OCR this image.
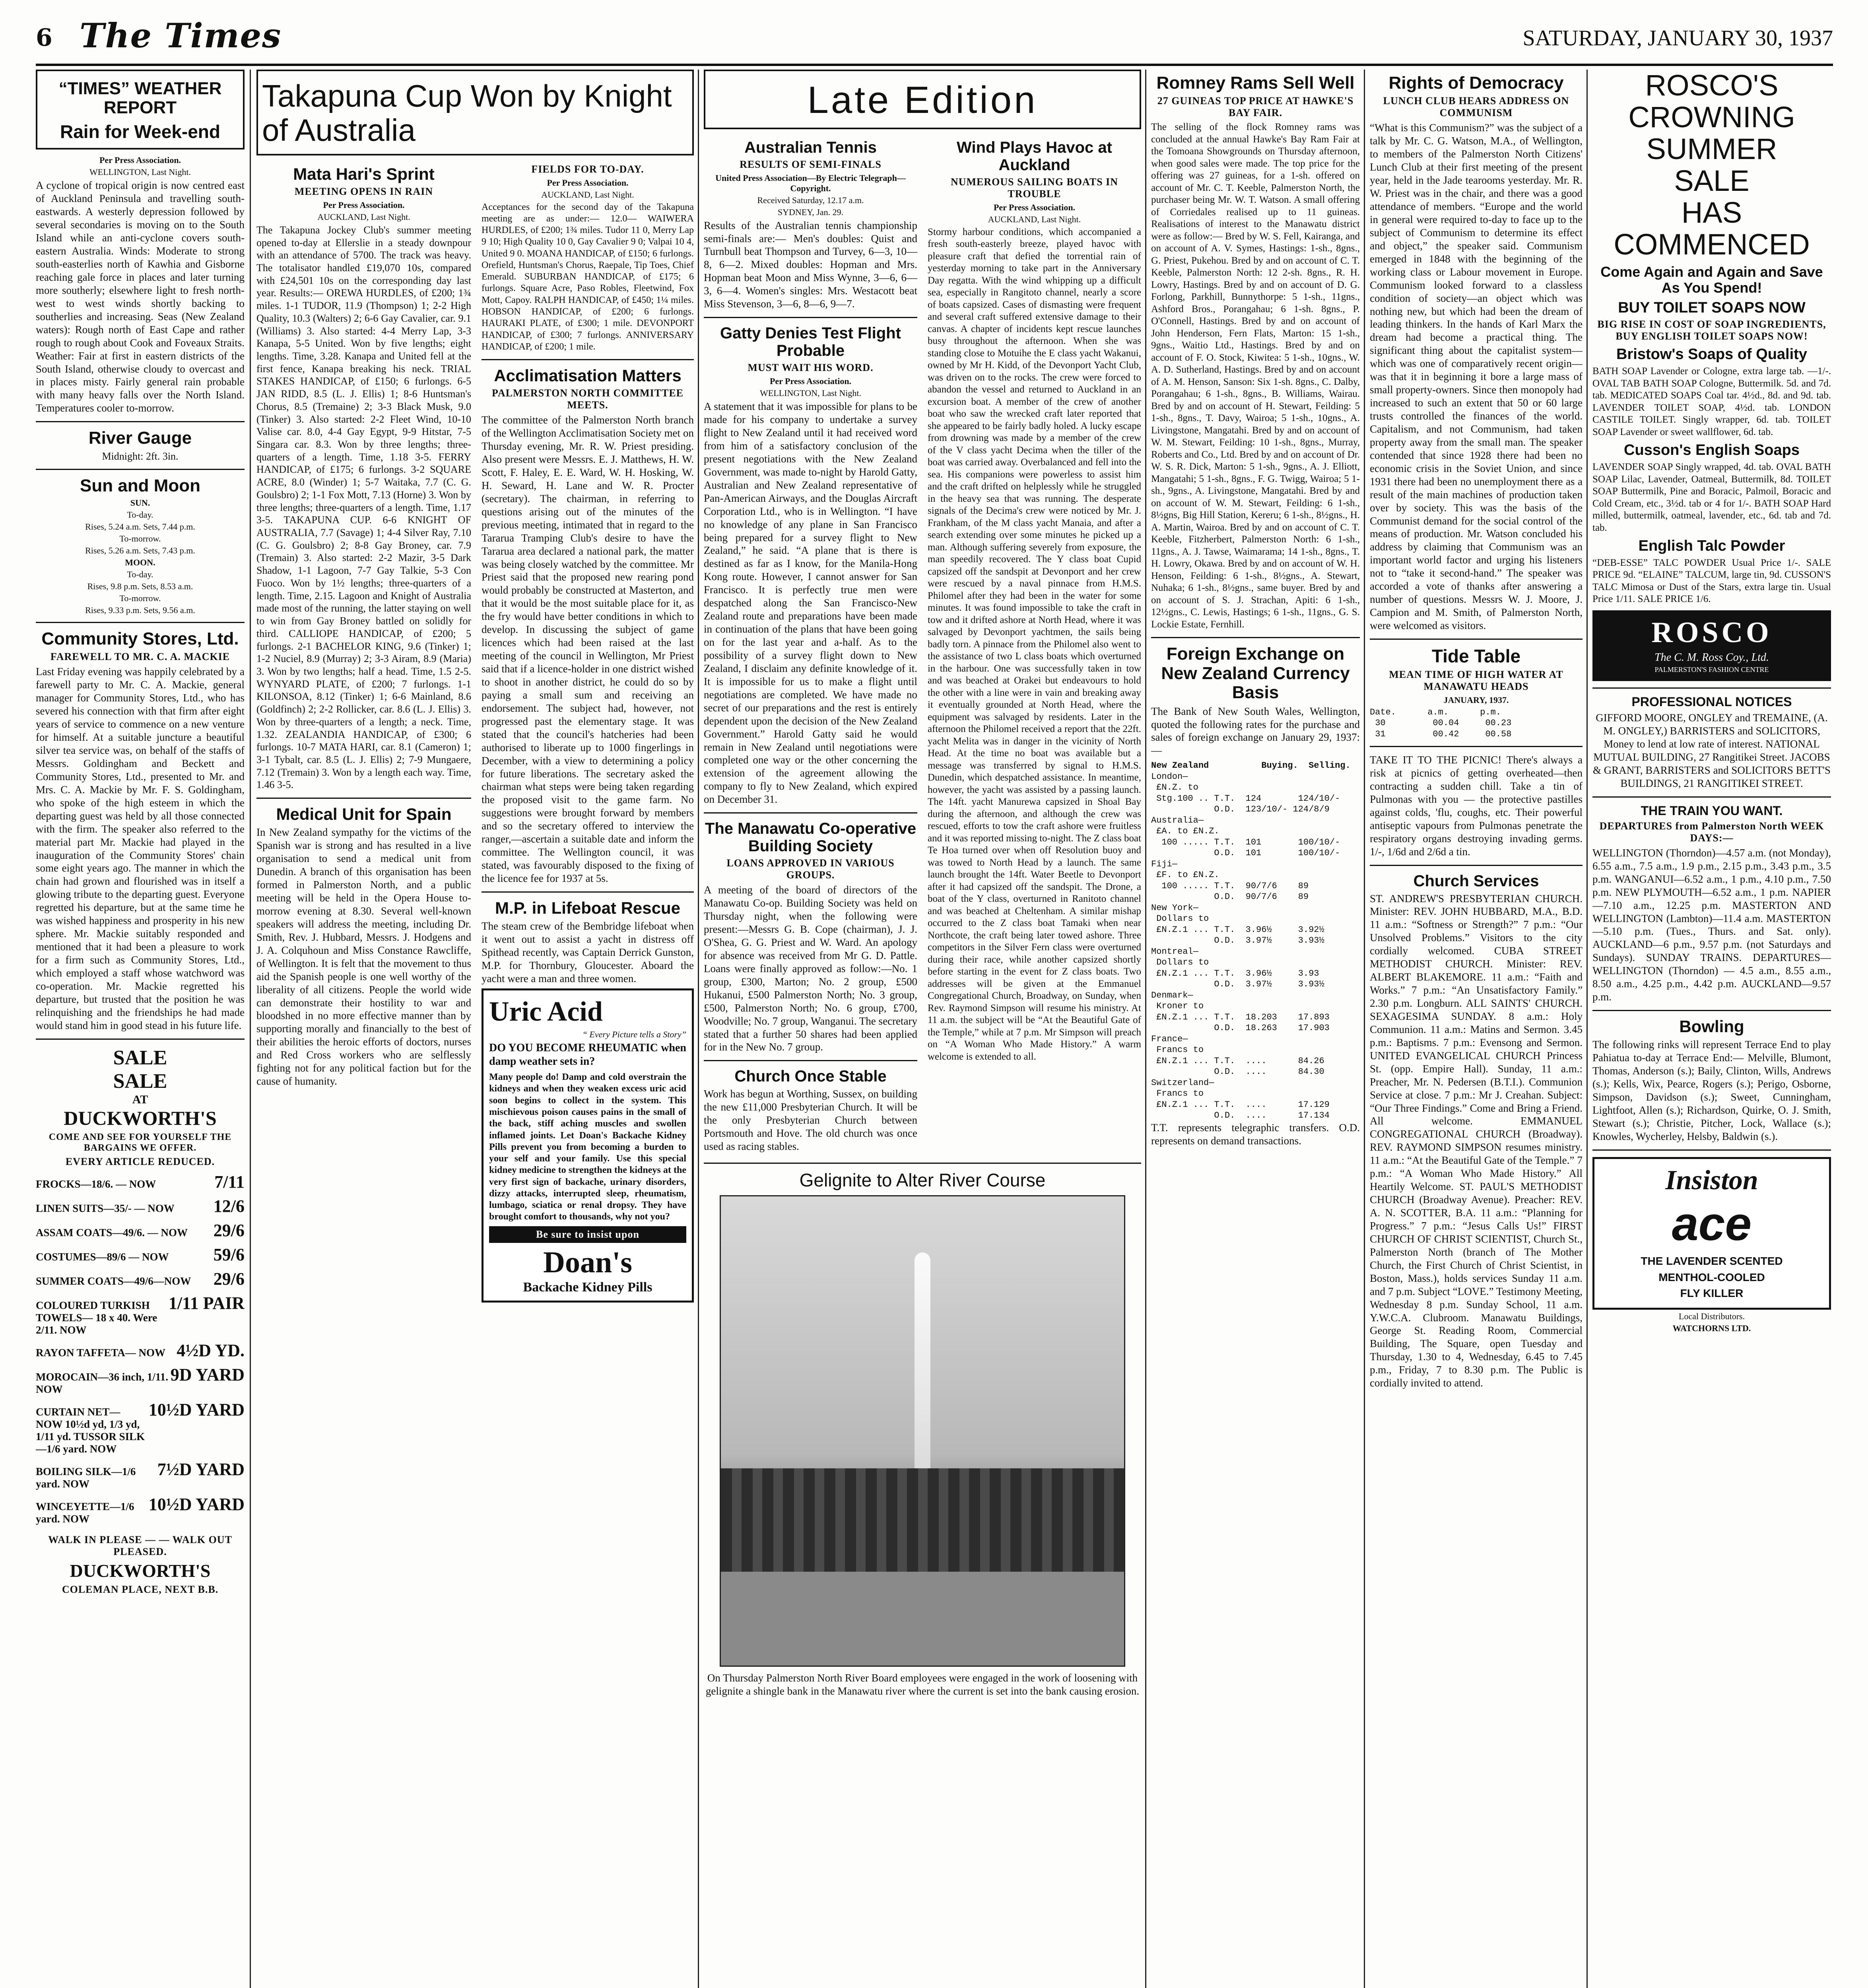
6 The Times	SATURDAY, JANUARY 30, 1937
“TIMES” WEATHER REPORT
Rain for Week-end
Per Press Association.
WELLINGTON, Last Night.

A cyclone of tropical origin is now centred east of Auckland Peninsula and travelling south-eastwards. A westerly depression followed by several secondaries is moving on to the South Island while an anti-cyclone covers south-eastern Australia. Winds: Moderate to strong south-easterlies north of Kawhia and Gisborne reaching gale force in places and later turning more southerly; elsewhere light to fresh north-west to west winds shortly backing to southerlies and increasing. Seas (New Zealand waters): Rough north of East Cape and rather rough to rough about Cook and Foveaux Straits. Weather: Fair at first in eastern districts of the South Island, otherwise cloudy to overcast and in places misty. Fairly general rain probable with many heavy falls over the North Island. Temperatures cooler to-morrow.

River Gauge
Midnight: 2ft. 3in.
Sun and Moon
SUN.
To-day.
Rises, 5.24 a.m. Sets, 7.44 p.m.
To-morrow.
Rises, 5.26 a.m. Sets, 7.43 p.m.
MOON.
To-day.
Rises, 9.8 p.m. Sets, 8.53 a.m.
To-morrow.
Rises, 9.33 p.m. Sets, 9.56 a.m.
Community Stores, Ltd.
FAREWELL TO MR. C. A. MACKIE

Last Friday evening was happily celebrated by a farewell party to Mr. C. A. Mackie, general manager for Community Stores, Ltd., who has severed his connection with that firm after eight years of service to commence on a new venture for himself. At a suitable juncture a beautiful silver tea service was, on behalf of the staffs of Messrs. Goldingham and Beckett and Community Stores, Ltd., presented to Mr. and Mrs. C. A. Mackie by Mr. F. S. Goldingham, who spoke of the high esteem in which the departing guest was held by all those connected with the firm. The speaker also referred to the material part Mr. Mackie had played in the inauguration of the Community Stores' chain some eight years ago. The manner in which the chain had grown and flourished was in itself a glowing tribute to the departing guest. Everyone regretted his departure, but at the same time he was wished happiness and prosperity in his new sphere. Mr. Mackie suitably responded and mentioned that it had been a pleasure to work for a firm such as Community Stores, Ltd., which employed a staff whose watchword was co-operation. Mr. Mackie regretted his departure, but trusted that the position he was relinquishing and the friendships he had made would stand him in good stead in his future life.

SALE
SALE
AT
DUCKWORTH'S
COME AND SEE FOR YOURSELF THE BARGAINS WE OFFER.
EVERY ARTICLE REDUCED.
FROCKS—18/6. — NOW	7/11
LINEN SUITS—35/- — NOW	12/6
ASSAM COATS—49/6. — NOW	29/6
COSTUMES—89/6 — NOW	59/6
SUMMER COATS—49/6—NOW	29/6
COLOURED TURKISH TOWELS— 18 x 40. Were 2/11. NOW
1/11 PAIR
RAYON TAFFETA— NOW 4½D YD.
MOROCAIN—36 inch, 1/11. NOW
9D YARD
CURTAIN NET— NOW 10½d yd, 1/3 yd, 1/11 yd. TUSSOR SILK—1/6 yard. NOW
10½D YARD
BOILING SILK—1/6 yard. NOW
7½D YARD
WINCEYETTE—1/6 yard. NOW
10½D YARD
WALK IN PLEASE — — WALK OUT PLEASED.
DUCKWORTH'S
COLEMAN PLACE, NEXT B.B.
Takapuna Cup Won by Knight of Australia
Mata Hari's Sprint
MEETING OPENS IN RAIN
Per Press Association.
AUCKLAND, Last Night.

The Takapuna Jockey Club's summer meeting opened to-day at Ellerslie in a steady downpour with an attendance of 5700. The track was heavy. The totalisator handled £19,070 10s, compared with £24,501 10s on the corresponding day last year. Results:— OREWA HURDLES, of £200; 1¾ miles. 1-1 TUDOR, 11.9 (Thompson) 1; 2-2 High Quality, 10.3 (Walters) 2; 6-6 Gay Cavalier, car. 9.1 (Williams) 3. Also started: 4-4 Merry Lap, 3-3 Kanapa, 5-5 United. Won by five lengths; eight lengths. Time, 3.28. Kanapa and United fell at the first fence, Kanapa breaking his neck. TRIAL STAKES HANDICAP, of £150; 6 furlongs. 6-5 JAN RIDD, 8.5 (L. J. Ellis) 1; 8-6 Huntsman's Chorus, 8.5 (Tremaine) 2; 3-3 Black Musk, 9.0 (Tinker) 3. Also started: 2-2 Fleet Wind, 10-10 Valise car. 8.0, 4-4 Gay Egypt, 9-9 Hitstar, 7-5 Singara car. 8.3. Won by three lengths; three-quarters of a length. Time, 1.18 3-5. FERRY HANDICAP, of £175; 6 furlongs. 3-2 SQUARE ACRE, 8.0 (Winder) 1; 5-7 Waitaka, 7.7 (C. G. Goulsbro) 2; 1-1 Fox Mott, 7.13 (Horne) 3. Won by three lengths; three-quarters of a length. Time, 1.17 3-5. TAKAPUNA CUP. 6-6 KNIGHT OF AUSTRALIA, 7.7 (Savage) 1; 4-4 Silver Ray, 7.10 (C. G. Goulsbro) 2; 8-8 Gay Broney, car. 7.9 (Tremain) 3. Also started: 2-2 Mazir, 3-5 Dark Shadow, 1-1 Lagoon, 7-7 Gay Talkie, 5-3 Con Fuoco. Won by 1½ lengths; three-quarters of a length. Time, 2.15. Lagoon and Knight of Australia made most of the running, the latter staying on well to win from Gay Broney battled on solidly for third. CALLIOPE HANDICAP, of £200; 5 furlongs. 2-1 BACHELOR KING, 9.6 (Tinker) 1; 1-2 Nuciel, 8.9 (Murray) 2; 3-3 Airam, 8.9 (Maria) 3. Won by two lengths; half a head. Time, 1.5 2-5. WYNYARD PLATE, of £200; 7 furlongs. 1-1 KILONSOA, 8.12 (Tinker) 1; 6-6 Mainland, 8.6 (Goldfinch) 2; 2-2 Rollicker, car. 8.6 (L. J. Ellis) 3. Won by three-quarters of a length; a neck. Time, 1.32. ZEALANDIA HANDICAP, of £300; 6 furlongs. 10-7 MATA HARI, car. 8.1 (Cameron) 1; 3-1 Tybalt, car. 8.5 (L. J. Ellis) 2; 7-9 Mungaere, 7.12 (Tremain) 3. Won by a length each way. Time, 1.46 3-5.

Medical Unit for Spain

In New Zealand sympathy for the victims of the Spanish war is strong and has resulted in a live organisation to send a medical unit from Dunedin. A branch of this organisation has been formed in Palmerston North, and a public meeting will be held in the Opera House to-morrow evening at 8.30. Several well-known speakers will address the meeting, including Dr. Smith, Rev. J. Hubbard, Messrs. J. Hodgens and J. A. Colquhoun and Miss Constance Rawcliffe, of Wellington. It is felt that the movement to thus aid the Spanish people is one well worthy of the liberality of all citizens. People the world wide can demonstrate their hostility to war and bloodshed in no more effective manner than by supporting morally and financially to the best of their abilities the heroic efforts of doctors, nurses and Red Cross workers who are selflessly fighting not for any political faction but for the cause of humanity.

FIELDS FOR TO-DAY.
Per Press Association.
AUCKLAND, Last Night.

Acceptances for the second day of the Takapuna meeting are as under:— 12.0— WAIWERA HURDLES, of £200; 1¾ miles. Tudor 11 0, Merry Lap 9 10; High Quality 10 0, Gay Cavalier 9 0; Valpai 10 4, United 9 0. MOANA HANDICAP, of £150; 6 furlongs. Orefield, Huntsman's Chorus, Raepale, Tip Toes, Chief Emerald. SUBURBAN HANDICAP, of £175; 6 furlongs. Square Acre, Paso Robles, Fleetwind, Fox Mott, Capoy. RALPH HANDICAP, of £450; 1¼ miles. HOBSON HANDICAP, of £200; 6 furlongs. HAURAKI PLATE, of £300; 1 mile. DEVONPORT HANDICAP, of £300; 7 furlongs. ANNIVERSARY HANDICAP, of £200; 1 mile.

Acclimatisation Matters
PALMERSTON NORTH COMMITTEE MEETS.

The committee of the Palmerston North branch of the Wellington Acclimatisation Society met on Thursday evening, Mr. R. W. Priest presiding. Also present were Messrs. E. J. Matthews, H. W. Scott, F. Haley, E. E. Ward, W. H. Hosking, W. H. Seward, H. Lane and W. R. Procter (secretary). The chairman, in referring to questions arising out of the minutes of the previous meeting, intimated that in regard to the Tararua Tramping Club's desire to have the Tararua area declared a national park, the matter was being closely watched by the committee. Mr Priest said that the proposed new rearing pond would probably be constructed at Masterton, and that it would be the most suitable place for it, as the fry would have better conditions in which to develop. In discussing the subject of game licences which had been raised at the last meeting of the council in Wellington, Mr Priest said that if a licence-holder in one district wished to shoot in another district, he could do so by paying a small sum and receiving an endorsement. The subject had, however, not progressed past the elementary stage. It was stated that the council's hatcheries had been authorised to liberate up to 1000 fingerlings in December, with a view to determining a policy for future liberations. The secretary asked the chairman what steps were being taken regarding the proposed visit to the game farm. No suggestions were brought forward by members and so the secretary offered to interview the ranger,—ascertain a suitable date and inform the committee. The Wellington council, it was stated, was favourably disposed to the fixing of the licence fee for 1937 at 5s.

M.P. in Lifeboat Rescue

The steam crew of the Bembridge lifeboat when it went out to assist a yacht in distress off Spithead recently, was Captain Derrick Gunston, M.P. for Thornbury, Gloucester. Aboard the yacht were a man and three women.

Uric Acid
“ Every Picture tells a Story”
DO YOU BECOME RHEUMATIC when damp weather sets in?

Many people do! Damp and cold overstrain the kidneys and when they weaken excess uric acid soon begins to collect in the system. This mischievous poison causes pains in the small of the back, stiff aching muscles and swollen inflamed joints. Let Doan's Backache Kidney Pills prevent you from becoming a burden to your self and your family. Use this special kidney medicine to strengthen the kidneys at the very first sign of backache, urinary disorders, dizzy attacks, interrupted sleep, rheumatism, lumbago, sciatica or renal dropsy. They have brought comfort to thousands, why not you?

Be sure to insist upon
Doan's
Backache Kidney Pills
Late Edition
Australian Tennis
RESULTS OF SEMI-FINALS
United Press Association—By Electric Telegraph—Copyright.
Received Saturday, 12.17 a.m.
SYDNEY, Jan. 29.

Results of the Australian tennis championship semi-finals are:— Men's doubles: Quist and Turnbull beat Thompson and Turvey, 6—3, 10—8, 6—2. Mixed doubles: Hopman and Mrs. Hopman beat Moon and Miss Wynne, 3—6, 6—3, 6—4. Women's singles: Mrs. Westacott beat Miss Stevenson, 3—6, 8—6, 9—7.

Gatty Denies Test Flight Probable
MUST WAIT HIS WORD.
Per Press Association.
WELLINGTON, Last Night.

A statement that it was impossible for plans to be made for his company to undertake a survey flight to New Zealand until it had received word from him of a satisfactory conclusion of the present negotiations with the New Zealand Government, was made to-night by Harold Gatty, Australian and New Zealand representative of Pan-American Airways, and the Douglas Aircraft Corporation Ltd., who is in Wellington. “I have no knowledge of any plane in San Francisco being prepared for a survey flight to New Zealand,” he said. “A plane that is there is destined as far as I know, for the Manila-Hong Kong route. However, I cannot answer for San Francisco. It is perfectly true men were despatched along the San Francisco-New Zealand route and preparations have been made in continuation of the plans that have been going on for the last year and a-half. As to the possibility of a survey flight down to New Zealand, I disclaim any definite knowledge of it. It is impossible for us to make a flight until negotiations are completed. We have made no secret of our preparations and the rest is entirely dependent upon the decision of the New Zealand Government.” Harold Gatty said he would remain in New Zealand until negotiations were completed one way or the other concerning the extension of the agreement allowing the company to fly to New Zealand, which expired on December 31.

The Manawatu Co-operative Building Society
LOANS APPROVED IN VARIOUS GROUPS.

A meeting of the board of directors of the Manawatu Co-op. Building Society was held on Thursday night, when the following were present:—Messrs G. B. Cope (chairman), J. J. O'Shea, G. G. Priest and W. Ward. An apology for absence was received from Mr G. D. Pattle. Loans were finally approved as follow:—No. 1 group, £300, Marton; No. 2 group, £500 Hukanui, £500 Palmerston North; No. 3 group, £500, Palmerston North; No. 6 group, £700, Woodville; No. 7 group, Wanganui. The secretary stated that a further 50 shares had been applied for in the New No. 7 group.

Church Once Stable

Work has begun at Worthing, Sussex, on building the new £11,000 Presbyterian Church. It will be the only Presbyterian Church between Portsmouth and Hove. The old church was once used as racing stables.

Wind Plays Havoc at Auckland
NUMEROUS SAILING BOATS IN TROUBLE
Per Press Association.
AUCKLAND, Last Night.

Stormy harbour conditions, which accompanied a fresh south-easterly breeze, played havoc with pleasure craft that defied the torrential rain of yesterday morning to take part in the Anniversary Day regatta. With the wind whipping up a difficult sea, especially in Rangitoto channel, nearly a score of boats capsized. Cases of dismasting were frequent and several craft suffered extensive damage to their canvas. A chapter of incidents kept rescue launches busy throughout the afternoon. When she was standing close to Motuihe the E class yacht Wakanui, owned by Mr H. Kidd, of the Devonport Yacht Club, was driven on to the rocks. The crew were forced to abandon the vessel and returned to Auckland in an excursion boat. A member of the crew of another boat who saw the wrecked craft later reported that she appeared to be fairly badly holed. A lucky escape from drowning was made by a member of the crew of the V class yacht Decima when the tiller of the boat was carried away. Overbalanced and fell into the sea. His companions were powerless to assist him and the craft drifted on helplessly while he struggled in the heavy sea that was running. The desperate signals of the Decima's crew were noticed by Mr. J. Frankham, of the M class yacht Manaia, and after a search extending over some minutes he picked up a man. Although suffering severely from exposure, the man speedily recovered. The Y class boat Cupid capsized off the sandspit at Devonport and her crew were rescued by a naval pinnace from H.M.S. Philomel after they had been in the water for some minutes. It was found impossible to take the craft in tow and it drifted ashore at North Head, where it was salvaged by Devonport yachtmen, the sails being badly torn. A pinnace from the Philomel also went to the assistance of two L class boats which overturned in the harbour. One was successfully taken in tow and was beached at Orakei but endeavours to hold the other with a line were in vain and breaking away it eventually grounded at North Head, where the equipment was salvaged by residents. Later in the afternoon the Philomel received a report that the 22ft. yacht Melita was in danger in the vicinity of North Head. At the time no boat was available but a message was transferred by signal to H.M.S. Dunedin, which despatched assistance. In meantime, however, the yacht was assisted by a passing launch. The 14ft. yacht Manurewa capsized in Shoal Bay during the afternoon, and although the crew was rescued, efforts to tow the craft ashore were fruitless and it was reported missing to-night. The Z class boat Te Hoa turned over when off Resolution buoy and was towed to North Head by a launch. The same launch brought the 14ft. Water Beetle to Devonport after it had capsized off the sandspit. The Drone, a boat of the Y class, overturned in Ranitoto channel and was beached at Cheltenham. A similar mishap occurred to the Z class boat Tamaki when near Northcote, the craft being later towed ashore. Three competitors in the Silver Fern class were overturned during their race, while another capsized shortly before starting in the event for Z class boats. Two addresses will be given at the Emmanuel Congregational Church, Broadway, on Sunday, when Rev. Raymond Simpson will resume his ministry. At 11 a.m. the subject will be “At the Beautiful Gate of the Temple,” while at 7 p.m. Mr Simpson will preach on “A Woman Who Made History.” A warm welcome is extended to all.

Gelignite to Alter River Course

On Thursday Palmerston North River Board employees were engaged in the work of loosening with gelignite a shingle bank in the Manawatu river where the current is set into the bank causing erosion.

Romney Rams Sell Well
27 GUINEAS TOP PRICE AT HAWKE'S BAY FAIR.

The selling of the flock Romney rams was concluded at the annual Hawke's Bay Ram Fair at the Tomoana Showgrounds on Thursday afternoon, when good sales were made. The top price for the offering was 27 guineas, for a 1-sh. offered on account of Mr. C. T. Keeble, Palmerston North, the purchaser being Mr. W. T. Watson. A small offering of Corriedales realised up to 11 guineas. Realisations of interest to the Manawatu district were as follow:— Bred by W. S. Fell, Kairanga, and on account of A. V. Symes, Hastings: 1-sh., 8gns., G. Priest, Pukehou. Bred by and on account of C. T. Keeble, Palmerston North: 12 2-sh. 8gns., R. H. Lowry, Hastings. Bred by and on account of D. G. Forlong, Parkhill, Bunnythorpe: 5 1-sh., 11gns., Ashford Bros., Porangahau; 6 1-sh. 8gns., P. O'Connell, Hastings. Bred by and on account of John Henderson, Fern Flats, Marton: 15 1-sh., 9gns., Waitio Ltd., Hastings. Bred by and on account of F. O. Stock, Kiwitea: 5 1-sh., 10gns., W. A. D. Sutherland, Hastings. Bred by and on account of A. M. Henson, Sanson: Six 1-sh. 8gns., C. Dalby, Porangahau; 6 1-sh., 8gns., B. Williams, Wairau. Bred by and on account of H. Stewart, Feilding: 5 1-sh., 8gns., T. Davy, Wairoa; 5 1-sh., 10gns., A. Livingstone, Mangatahi. Bred by and on account of W. M. Stewart, Feilding: 10 1-sh., 8gns., Murray, Roberts and Co., Ltd. Bred by and on account of Dr. W. S. R. Dick, Marton: 5 1-sh., 9gns., A. J. Elliott, Mangatahi; 5 1-sh., 8gns., F. G. Twigg, Wairoa; 5 1-sh., 9gns., A. Livingstone, Mangatahi. Bred by and on account of W. M. Stewart, Feilding: 6 1-sh., 8½gns, Big Hill Station, Kereru; 6 1-sh., 8½gns., H. A. Martin, Wairoa. Bred by and on account of C. T. Keeble, Fitzherbert, Palmerston North: 6 1-sh., 11gns., A. J. Tawse, Waimarama; 14 1-sh., 8gns., T. H. Lowry, Okawa. Bred by and on account of W. H. Henson, Feilding: 6 1-sh., 8½gns., A. Stewart, Nuhaka; 6 1-sh., 8½gns., same buyer. Bred by and on account of S. J. Strachan, Apiti: 6 1-sh., 12½gns., C. Lewis, Hastings; 6 1-sh., 11gns., G. S. Lockie Estate, Fernhill.

Foreign Exchange on New Zealand Currency Basis

The Bank of New South Wales, Wellington, quoted the following rates for the purchase and sales of foreign exchange on January 29, 1937:—

New Zealand          Buying.  Selling.
London—
£N.Z. to
Stg.100 .. T.T.  124       124/10/-
O.D.  123/10/- 124/8/9
Australia—
£A. to £N.Z.
100 ..... T.T.  101       100/10/-
O.D.  101       100/10/-
Fiji—
£F. to £N.Z.
100 ..... T.T.  90/7/6    89
O.D.  90/7/6    89
New York—
Dollars to
£N.Z.1 ... T.T.  3.96½     3.92½
O.D.  3.97½     3.93½
Montreal—
Dollars to
£N.Z.1 ... T.T.  3.96½     3.93
O.D.  3.97½     3.93½
Denmark—
Kroner to
£N.Z.1 ... T.T.  18.203    17.893
O.D.  18.263    17.903
France—
Francs to
£N.Z.1 ... T.T.  ....      84.26
O.D.  ....      84.30
Switzerland—
Francs to
£N.Z.1 ... T.T.  ....      17.129
O.D.  ....      17.134

T.T. represents telegraphic transfers. O.D. represents on demand transactions.

Rights of Democracy
LUNCH CLUB HEARS ADDRESS ON COMMUNISM

“What is this Communism?” was the subject of a talk by Mr. C. G. Watson, M.A., of Wellington, to members of the Palmerston North Citizens' Lunch Club at their first meeting of the present year, held in the Jade tearooms yesterday. Mr. R. W. Priest was in the chair, and there was a good attendance of members. “Europe and the world in general were required to-day to face up to the subject of Communism to determine its effect and object,” the speaker said. Communism emerged in 1848 with the beginning of the working class or Labour movement in Europe. Communism looked forward to a classless condition of society—an object which was nothing new, but which had been the dream of leading thinkers. In the hands of Karl Marx the dream had become a practical thing. The significant thing about the capitalist system—which was one of comparatively recent origin—was that it in beginning it bore a large mass of small property-owners. Since then monopoly had increased to such an extent that 50 or 60 large trusts controlled the finances of the world. Capitalism, and not Communism, had taken property away from the small man. The speaker contended that since 1928 there had been no economic crisis in the Soviet Union, and since 1931 there had been no unemployment there as a result of the main machines of production taken over by society. This was the basis of the Communist demand for the social control of the means of production. Mr. Watson concluded his address by claiming that Communism was an important world factor and urging his listeners not to “take it second-hand.” The speaker was accorded a vote of thanks after answering a number of questions. Messrs W. J. Moore, J. Campion and M. Smith, of Palmerston North, were welcomed as visitors.

Tide Table
MEAN TIME OF HIGH WATER AT MANAWATU HEADS
JANUARY, 1937.
Date.      a.m.      p.m.
30         00.04     00.23
31         00.42     00.58

TAKE IT TO THE PICNIC! There's always a risk at picnics of getting overheated—then contracting a sudden chill. Take a tin of Pulmonas with you — the protective pastilles against colds, 'flu, coughs, etc. Their powerful antiseptic vapours from Pulmonas penetrate the respiratory organs destroying invading germs. 1/-, 1/6d and 2/6d a tin.

Church Services

ST. ANDREW'S PRESBYTERIAN CHURCH. Minister: REV. JOHN HUBBARD, M.A., B.D. 11 a.m.: “Softness or Strength?” 7 p.m.: “Our Unsolved Problems.” Visitors to the city cordially welcomed. CUBA STREET METHODIST CHURCH. Minister: REV. ALBERT BLAKEMORE. 11 a.m.: “Faith and Works.” 7 p.m.: “An Unsatisfactory Family.” 2.30 p.m. Longburn. ALL SAINTS' CHURCH. SEXAGESIMA SUNDAY. 8 a.m.: Holy Communion. 11 a.m.: Matins and Sermon. 3.45 p.m.: Baptisms. 7 p.m.: Evensong and Sermon. UNITED EVANGELICAL CHURCH Princess St. (opp. Empire Hall). Sunday, 11 a.m.: Preacher, Mr. N. Pedersen (B.T.I.). Communion Service at close. 7 p.m.: Mr J. Creahan. Subject: “Our Three Findings.” Come and Bring a Friend. All welcome. EMMANUEL CONGREGATIONAL CHURCH (Broadway). REV. RAYMOND SIMPSON resumes ministry. 11 a.m.: “At the Beautiful Gate of the Temple.” 7 p.m.: “A Woman Who Made History.” All Heartily Welcome. ST. PAUL'S METHODIST CHURCH (Broadway Avenue). Preacher: REV. A. N. SCOTTER, B.A. 11 a.m.: “Planning for Progress.” 7 p.m.: “Jesus Calls Us!” FIRST CHURCH OF CHRIST SCIENTIST, Church St., Palmerston North (branch of The Mother Church, the First Church of Christ Scientist, in Boston, Mass.), holds services Sunday 11 a.m. and 7 p.m. Subject “LOVE.” Testimony Meeting, Wednesday 8 p.m. Sunday School, 11 a.m. Y.W.C.A. Clubroom. Manawatu Buildings, George St. Reading Room, Commercial Building, The Square, open Tuesday and Thursday, 1.30 to 4, Wednesday, 6.45 to 7.45 p.m., Friday, 7 to 8.30 p.m. The Public is cordially invited to attend.

ROSCO'S
CROWNING
SUMMER
SALE
HAS
COMMENCED
Come Again and Again and Save As You Spend!
BUY TOILET SOAPS NOW
BIG RISE IN COST OF SOAP INGREDIENTS, BUY ENGLISH TOILET SOAPS NOW!
Bristow's Soaps of Quality

BATH SOAP Lavender or Cologne, extra large tab. —1/-. OVAL TAB BATH SOAP Cologne, Buttermilk. 5d. and 7d. tab. MEDICATED SOAPS Coal tar. 4½d., 8d. and 9d. tab. LAVENDER TOILET SOAP, 4½d. tab. LONDON CASTILE TOILET. Singly wrapper, 6d. tab. TOILET SOAP Lavender or sweet wallflower, 6d. tab.

Cusson's English Soaps

LAVENDER SOAP Singly wrapped, 4d. tab. OVAL BATH SOAP Lilac, Lavender, Oatmeal, Buttermilk, 8d. TOILET SOAP Buttermilk, Pine and Boracic, Palmoil, Boracic and Cold Cream, etc., 3½d. tab or 4 for 1/-. BATH SOAP Hard milled, buttermilk, oatmeal, lavender, etc., 6d. tab and 7d. tab.

English Talc Powder

“DEB-ESSE” TALC POWDER Usual Price 1/-. SALE PRICE 9d. “ELAINE” TALCUM, large tin, 9d. CUSSON'S TALC Mimosa or Dust of the Stars, extra large tin. Usual Price 1/11. SALE PRICE 1/6.

ROSCO
The C. M. Ross Coy., Ltd.
PALMERSTON'S FASHION CENTRE
PROFESSIONAL NOTICES

GIFFORD MOORE, ONGLEY and TREMAINE, (A. M. ONGLEY,) BARRISTERS and SOLICITORS, Money to lend at low rate of interest. NATIONAL MUTUAL BUILDING, 27 Rangitikei Street. JACOBS & GRANT, BARRISTERS and SOLICITORS BETT'S BUILDINGS, 21 RANGITIKEI STREET.

THE TRAIN YOU WANT.
DEPARTURES from Palmerston North WEEK DAYS:—

WELLINGTON (Thorndon)—4.57 a.m. (not Monday), 6.55 a.m., 7.5 a.m., 1.9 p.m., 2.15 p.m., 3.43 p.m., 3.5 p.m. WANGANUI—6.52 a.m., 1 p.m., 4.10 p.m., 7.50 p.m. NEW PLYMOUTH—6.52 a.m., 1 p.m. NAPIER—7.10 a.m., 12.25 p.m. MASTERTON AND WELLINGTON (Lambton)—11.4 a.m. MASTERTON—5.10 p.m. (Tues., Thurs. and Sat. only). AUCKLAND—6 p.m., 9.57 p.m. (not Saturdays and Sundays). SUNDAY TRAINS. DEPARTURES— WELLINGTON (Thorndon) — 4.5 a.m., 8.55 a.m., 8.50 a.m., 4.25 p.m., 4.42 p.m. AUCKLAND—9.57 p.m.

Bowling

The following rinks will represent Terrace End to play Pahiatua to-day at Terrace End:— Melville, Blumont, Thomas, Anderson (s.); Baily, Clinton, Wills, Andrews (s.); Kells, Wix, Pearce, Rogers (s.); Perigo, Osborne, Simpson, Davidson (s.); Sweet, Cunningham, Lightfoot, Allen (s.); Richardson, Quirke, O. J. Smith, Stewart (s.); Christie, Pitcher, Lock, Wallace (s.); Knowles, Wycherley, Helsby, Baldwin (s.).

Insiston
ace
THE LAVENDER SCENTED
MENTHOL-COOLED
FLY KILLER
Local Distributors.
WATCHORNS LTD.
